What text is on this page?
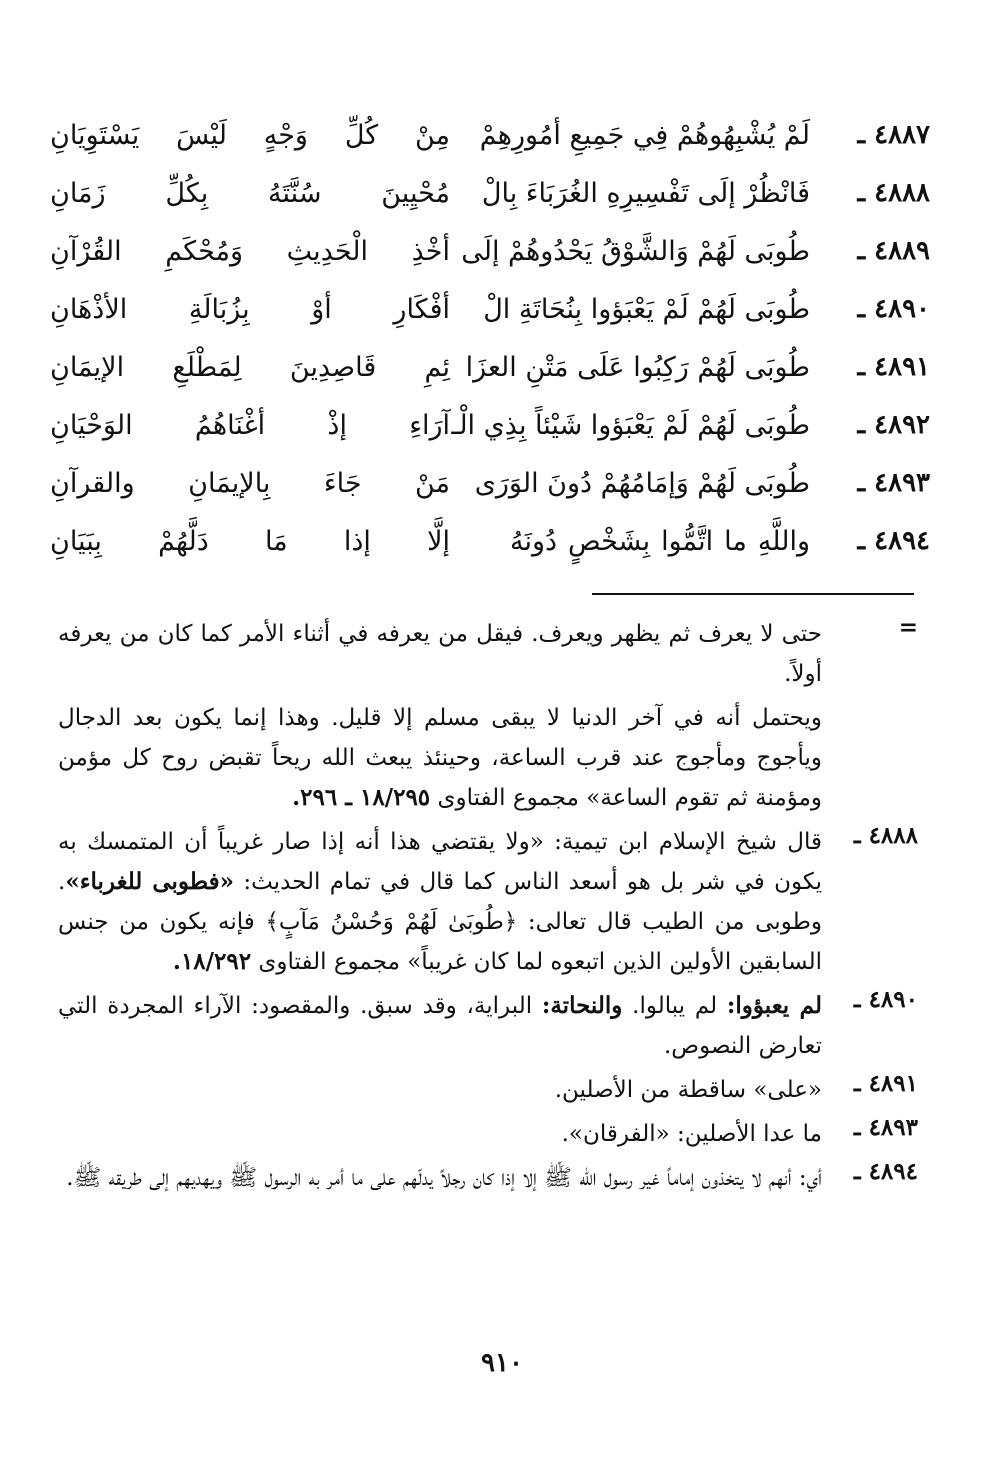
٤٨٨٧ ـ
لَمْ يُشْبِهُوهُمْ فِي جَمِيعِ أمُورِهِمْ
مِنْ كُلِّ وَجْهٍ لَيْسَ يَسْتَوِيَانِ
٤٨٨٨ ـ
فَانْظُرْ إلَى تَفْسِيرِهِ الغُرَبَاءَ بِالْ
مُحْيِينَ سُنَّتَهُ بِكُلِّ زَمَانِ
٤٨٨٩ ـ
طُوبَى لَهُمْ وَالشَّوْقُ يَحْدُوهُمْ إلَى
أخْذِ الْحَدِيثِ وَمُحْكَمِ القُرْآنِ
٤٨٩٠ ـ
طُوبَى لَهُمْ لَمْ يَعْبَؤوا بِنُحَاتَةِ الْ
أفْكَارِ أوْ بِزُبَالَةِ الأذْهَانِ
٤٨٩١ ـ
طُوبَى لَهُمْ رَكِبُوا عَلَى مَتْنِ العزَا
ئِمِ قَاصِدِينَ لِمَطْلَعِ الإيمَانِ
٤٨٩٢ ـ
طُوبَى لَهُمْ لَمْ يَعْبَؤوا شَيْئاً بِذِي الْـ
آرَاءِ إذْ أغْنَاهُمُ الوَحْيَانِ
٤٨٩٣ ـ
طُوبَى لَهُمْ وَإمَامُهُمْ دُونَ الوَرَى
مَنْ جَاءَ بِالإيمَانِ والقرآنِ
٤٨٩٤ ـ
واللَّهِ ما اتَّمُّوا بِشَخْصٍ دُونَهُ
إلَّا إذا مَا دَلَّهُمْ بِبَيَانِ
=

حتى لا يعرف ثم يظهر ويعرف. فيقل من يعرفه في أثناء الأمر كما كان من يعرفه أولاً.

ويحتمل أنه في آخر الدنيا لا يبقى مسلم إلا قليل. وهذا إنما يكون بعد الدجال ويأجوج ومأجوج عند قرب الساعة، وحينئذ يبعث الله ريحاً تقبض روح كل مؤمن ومؤمنة ثم تقوم الساعة» مجموع الفتاوى ١٨/٢٩٥ ـ ٢٩٦.

٤٨٨٨ ـ

قال شيخ الإسلام ابن تيمية: «ولا يقتضي هذا أنه إذا صار غريباً أن المتمسك به يكون في شر بل هو أسعد الناس كما قال في تمام الحديث: «فطوبى للغرباء». وطوبى من الطيب قال تعالى: ﴿طُوبَىٰ لَهُمْ وَحُسْنُ مَآبٍ﴾ فإنه يكون من جنس السابقين الأولين الذين اتبعوه لما كان غريباً» مجموع الفتاوى ١٨/٢٩٢.

٤٨٩٠ ـ

لم يعبؤوا: لم يبالوا. والنحاتة: البراية، وقد سبق. والمقصود: الآراء المجردة التي تعارض النصوص.

٤٨٩١ ـ

«على» ساقطة من الأصلين.

٤٨٩٣ ـ

ما عدا الأصلين: «الفرقان».

٤٨٩٤ ـ

أي: أنهم لا يتخذون إماماً غير رسول الله ﷺ إلا إذا كان رجلاً يدلّهم على ما أمر به الرسول ﷺ ويهديهم إلى طريقه ﷺ.

٩١٠
